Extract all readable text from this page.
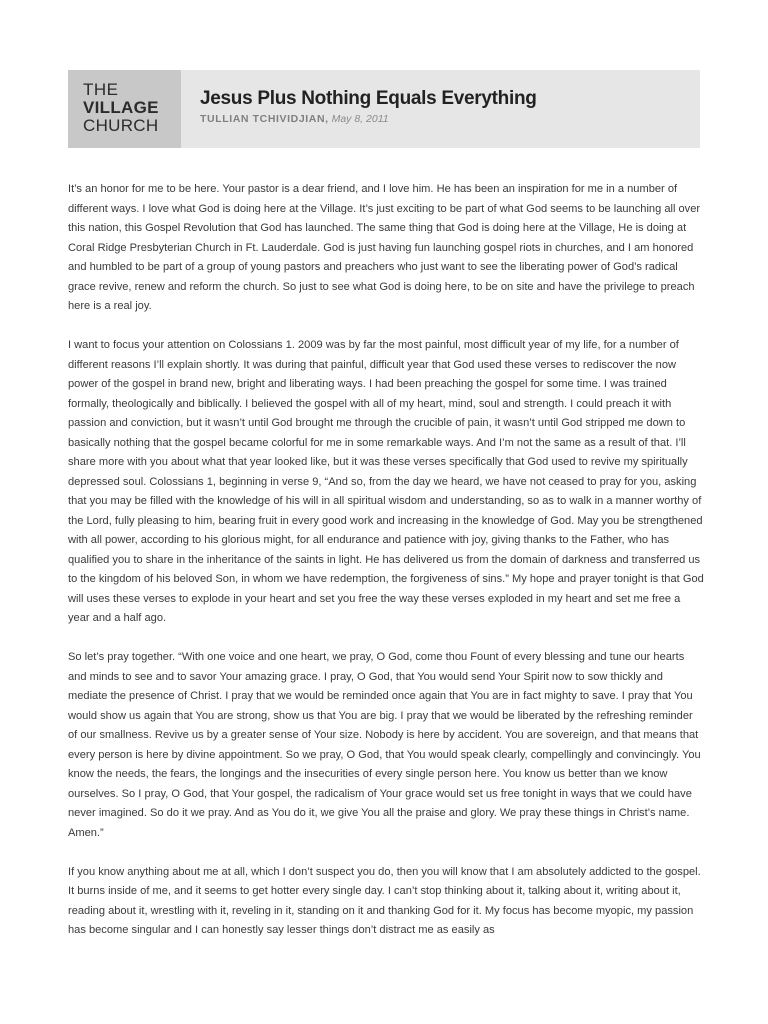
THE
VILLAGE
CHURCH
Jesus Plus Nothing Equals Everything
TULLIAN TCHIVIDJIAN, May 8, 2011

It’s an honor for me to be here. Your pastor is a dear friend, and I love him. He has been an inspiration for me in a number of different ways. I love what God is doing here at the Village. It’s just exciting to be part of what God seems to be launching all over this nation, this Gospel Revolution that God has launched. The same thing that God is doing here at the Village, He is doing at Coral Ridge Presbyterian Church in Ft. Lauderdale. God is just having fun launching gospel riots in churches, and I am honored and humbled to be part of a group of young pastors and preachers who just want to see the liberating power of God’s radical grace revive, renew and reform the church. So just to see what God is doing here, to be on site and have the privilege to preach here is a real joy.

I want to focus your attention on Colossians 1. 2009 was by far the most painful, most difficult year of my life, for a number of different reasons I’ll explain shortly. It was during that painful, difficult year that God used these verses to rediscover the now power of the gospel in brand new, bright and liberating ways. I had been preaching the gospel for some time. I was trained formally, theologically and biblically. I believed the gospel with all of my heart, mind, soul and strength. I could preach it with passion and conviction, but it wasn’t until God brought me through the crucible of pain, it wasn’t until God stripped me down to basically nothing that the gospel became colorful for me in some remarkable ways. And I’m not the same as a result of that. I’ll share more with you about what that year looked like, but it was these verses specifically that God used to revive my spiritually depressed soul. Colossians 1, beginning in verse 9, “And so, from the day we heard, we have not ceased to pray for you, asking that you may be filled with the knowledge of his will in all spiritual wisdom and understanding, so as to walk in a manner worthy of the Lord, fully pleasing to him, bearing fruit in every good work and increasing in the knowledge of God. May you be strengthened with all power, according to his glorious might, for all endurance and patience with joy, giving thanks to the Father, who has qualified you to share in the inheritance of the saints in light. He has delivered us from the domain of darkness and transferred us to the kingdom of his beloved Son, in whom we have redemption, the forgiveness of sins.” My hope and prayer tonight is that God will uses these verses to explode in your heart and set you free the way these verses exploded in my heart and set me free a year and a half ago.

So let’s pray together. “With one voice and one heart, we pray, O God, come thou Fount of every blessing and tune our hearts and minds to see and to savor Your amazing grace. I pray, O God, that You would send Your Spirit now to sow thickly and mediate the presence of Christ. I pray that we would be reminded once again that You are in fact mighty to save. I pray that You would show us again that You are strong, show us that You are big. I pray that we would be liberated by the refreshing reminder of our smallness. Revive us by a greater sense of Your size. Nobody is here by accident. You are sovereign, and that means that every person is here by divine appointment. So we pray, O God, that You would speak clearly, compellingly and convincingly. You know the needs, the fears, the longings and the insecurities of every single person here. You know us better than we know ourselves. So I pray, O God, that Your gospel, the radicalism of Your grace would set us free tonight in ways that we could have never imagined. So do it we pray. And as You do it, we give You all the praise and glory. We pray these things in Christ’s name. Amen.”

If you know anything about me at all, which I don’t suspect you do, then you will know that I am absolutely addicted to the gospel. It burns inside of me, and it seems to get hotter every single day. I can’t stop thinking about it, talking about it, writing about it, reading about it, wrestling with it, reveling in it, standing on it and thanking God for it. My focus has become myopic, my passion has become singular and I can honestly say lesser things don’t distract me as easily as
